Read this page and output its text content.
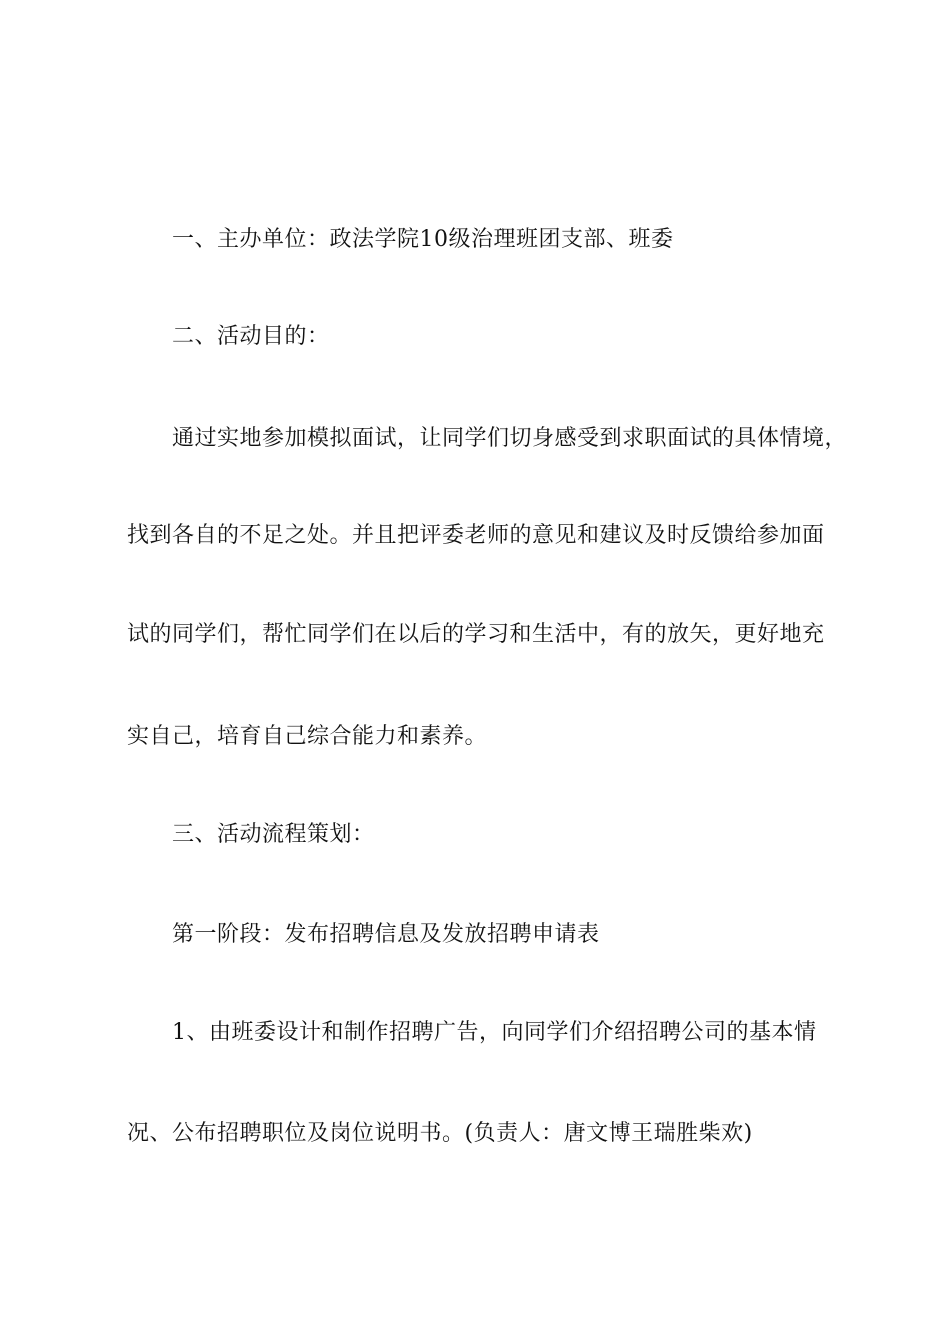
一、主办单位：政法学院10级治理班团支部、班委
二、活动目的：
通过实地参加模拟面试，让同学们切身感受到求职面试的具体情境，
找到各自的不足之处。并且把评委老师的意见和建议及时反馈给参加面
试的同学们，帮忙同学们在以后的学习和生活中，有的放矢，更好地充
实自己，培育自己综合能力和素养。
三、活动流程策划：
第一阶段：发布招聘信息及发放招聘申请表
1、由班委设计和制作招聘广告，向同学们介绍招聘公司的基本情
况、公布招聘职位及岗位说明书。(负责人：唐文博王瑞胜柴欢)
